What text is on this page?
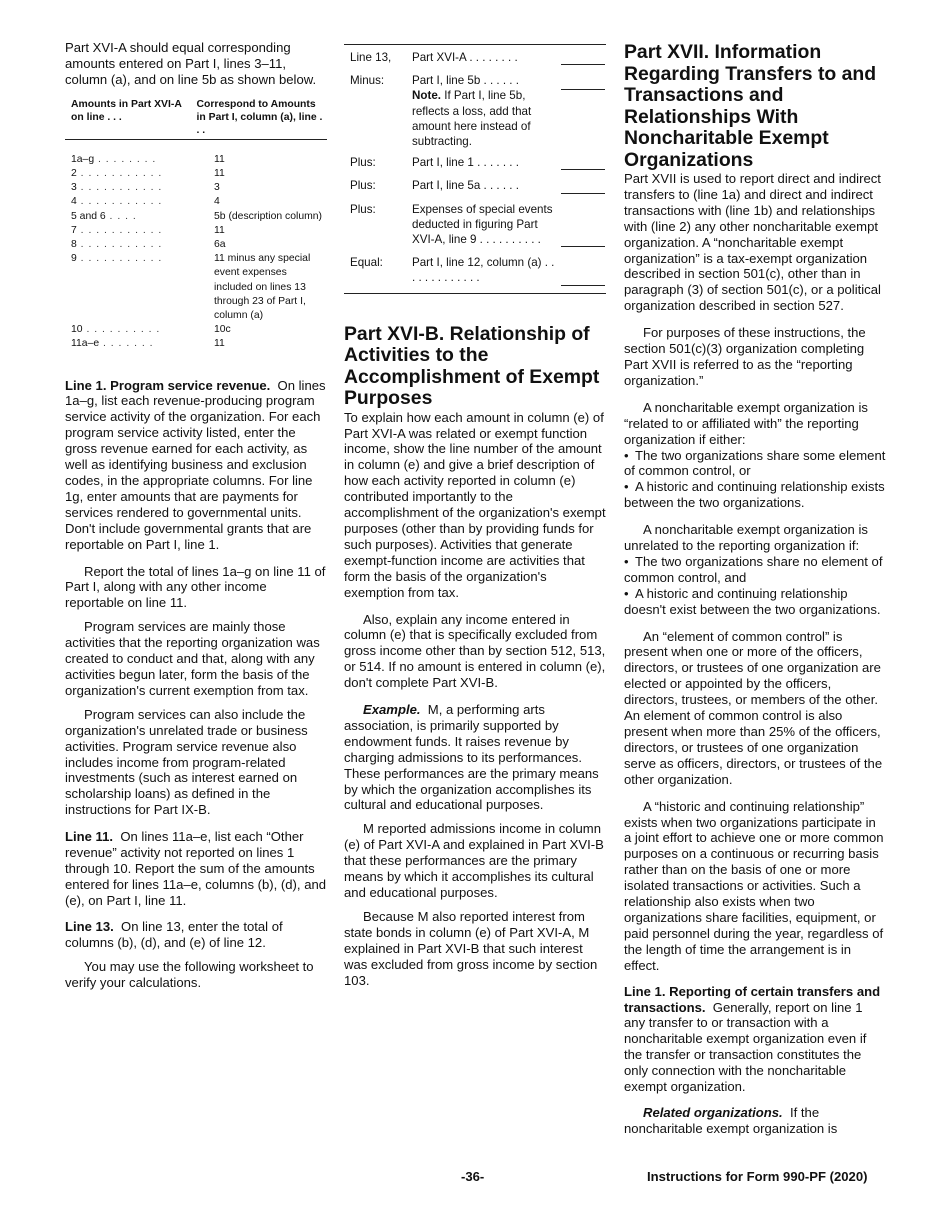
Part XVI-A should equal corresponding amounts entered on Part I, lines 3–11, column (a), and on line 5b as shown below.

Amounts in Part XVI-A on line . . .
Correspond to Amounts in Part I, column (a), line . . .
1a–g . . . . . . . .	11
2 . . . . . . . . . . .	11
3 . . . . . . . . . . .	3
4 . . . . . . . . . . .	4
5 and 6 . . . .	5b (description column)
7 . . . . . . . . . . .	11
8 . . . . . . . . . . .	6a
9 . . . . . . . . . . .	11 minus any special event expenses included on lines 13 through 23 of Part I, column (a)
10 . . . . . . . . . .	10c
11a–e . . . . . . .	11

Line 1. Program service revenue. On lines 1a–g, list each revenue-producing program service activity of the organization. For each program service activity listed, enter the gross revenue earned for each activity, as well as identifying business and exclusion codes, in the appropriate columns. For line 1g, enter amounts that are payments for services rendered to governmental units. Don't include governmental grants that are reportable on Part I, line 1.

Report the total of lines 1a–g on line 11 of Part I, along with any other income reportable on line 11.

Program services are mainly those activities that the reporting organization was created to conduct and that, along with any activities begun later, form the basis of the organization's current exemption from tax.

Program services can also include the organization's unrelated trade or business activities. Program service revenue also includes income from program-related investments (such as interest earned on scholarship loans) as defined in the instructions for Part IX-B.

Line 11. On lines 11a–e, list each “Other revenue” activity not reported on lines 1 through 10. Report the sum of the amounts entered for lines 11a–e, columns (b), (d), and (e), on Part I, line 11.

Line 13. On line 13, enter the total of columns (b), (d), and (e) of line 12.

You may use the following worksheet to verify your calculations.

Line 13,	Part XVI-A . . . . . . . .
Minus:	Part I, line 5b . . . . . .
Note. If Part I, line 5b, reflects a loss, add that amount here instead of subtracting.
Plus:	Part I, line 1 . . . . . . .
Plus:	Part I, line 5a . . . . . .
Plus:	Expenses of special events deducted in figuring Part XVI-A, line 9 . . . . . . . . . .
Equal:	Part I, line 12, column (a) . . . . . . . . . . . . .
Part XVI-B. Relationship of Activities to the Accomplishment of Exempt Purposes

To explain how each amount in column (e) of Part XVI-A was related or exempt function income, show the line number of the amount in column (e) and give a brief description of how each activity reported in column (e) contributed importantly to the accomplishment of the organization's exempt purposes (other than by providing funds for such purposes). Activities that generate exempt-function income are activities that form the basis of the organization's exemption from tax.

Also, explain any income entered in column (e) that is specifically excluded from gross income other than by section 512, 513, or 514. If no amount is entered in column (e), don't complete Part XVI-B.

Example. M, a performing arts association, is primarily supported by endowment funds. It raises revenue by charging admissions to its performances. These performances are the primary means by which the organization accomplishes its cultural and educational purposes.

M reported admissions income in column (e) of Part XVI-A and explained in Part XVI-B that these performances are the primary means by which it accomplishes its cultural and educational purposes.

Because M also reported interest from state bonds in column (e) of Part XVI-A, M explained in Part XVI-B that such interest was excluded from gross income by section 103.

Part XVII. Information Regarding Transfers to and Transactions and Relationships With Noncharitable Exempt Organizations

Part XVII is used to report direct and indirect transfers to (line 1a) and direct and indirect transactions with (line 1b) and relationships with (line 2) any other noncharitable exempt organization. A “noncharitable exempt organization” is a tax-exempt organization described in section 501(c), other than in paragraph (3) of section 501(c), or a political organization described in section 527.

For purposes of these instructions, the section 501(c)(3) organization completing Part XVII is referred to as the “reporting organization.”

A noncharitable exempt organization is “related to or affiliated with” the reporting organization if either:

• The two organizations share some element of common control, or
• A historic and continuing relationship exists between the two organizations.

A noncharitable exempt organization is unrelated to the reporting organization if:

• The two organizations share no element of common control, and
• A historic and continuing relationship doesn't exist between the two organizations.

An “element of common control” is present when one or more of the officers, directors, or trustees of one organization are elected or appointed by the officers, directors, trustees, or members of the other. An element of common control is also present when more than 25% of the officers, directors, or trustees of one organization serve as officers, directors, or trustees of the other organization.

A “historic and continuing relationship” exists when two organizations participate in a joint effort to achieve one or more common purposes on a continuous or recurring basis rather than on the basis of one or more isolated transactions or activities. Such a relationship also exists when two organizations share facilities, equipment, or paid personnel during the year, regardless of the length of time the arrangement is in effect.

Line 1. Reporting of certain transfers and transactions. Generally, report on line 1 any transfer to or transaction with a noncharitable exempt organization even if the transfer or transaction constitutes the only connection with the noncharitable exempt organization.

Related organizations. If the noncharitable exempt organization is

-36-	Instructions for Form 990-PF (2020)
